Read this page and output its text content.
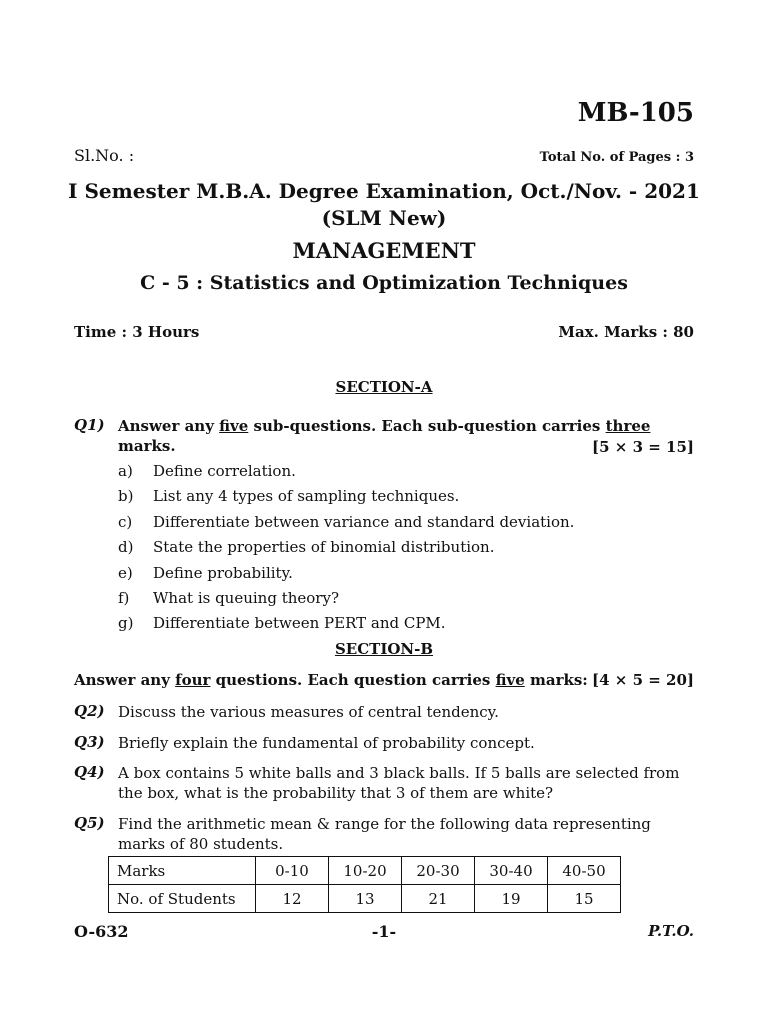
MB-105
Sl.No. :	Total No. of Pages : 3
I Semester M.B.A. Degree Examination, Oct./Nov. - 2021
(SLM New)
MANAGEMENT
C - 5 : Statistics and Optimization Techniques
Time : 3 Hours	Max. Marks : 80
SECTION-A
Q1) Answer any five sub-questions. Each sub-question carries three marks.	[5 × 3 = 15]
a)	Define correlation.
b)	List any 4 types of sampling techniques.
c)	Differentiate between variance and standard deviation.
d)	State the properties of binomial distribution.
e)	Define probability.
f)	What is queuing theory?
g)	Differentiate between PERT and CPM.
SECTION-B
Answer any four questions. Each question carries five marks: [4 × 5 = 20]
Q2) Discuss the various measures of central tendency.
Q3) Briefly explain the fundamental of probability concept.
Q4) A box contains 5 white balls and 3 black balls. If 5 balls are selected from the box, what is the probability that 3 of them are white?
Q5) Find the arithmetic mean & range for the following data representing marks of 80 students.
Marks	0-10	10-20	20-30	30-40	40-50
No. of Students	12	13	21	19	15
O-632	-1-	P.T.O.
